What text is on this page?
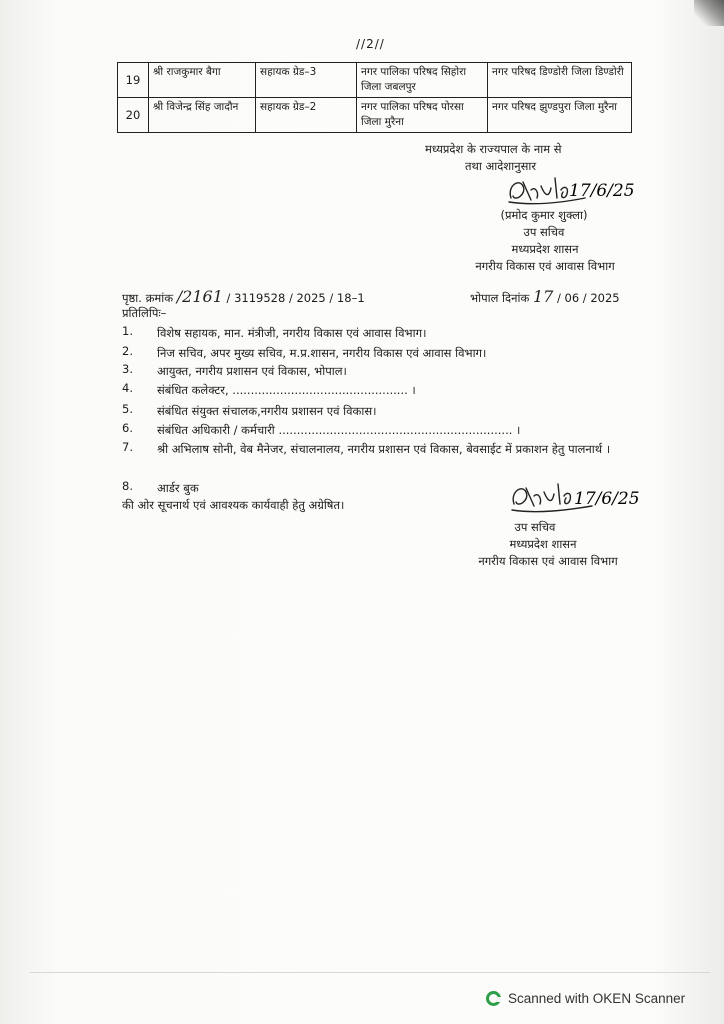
//2//
19	श्री राजकुमार बैगा	सहायक ग्रेड–3	नगर पालिका परिषद सिहोरा जिला जबलपुर	नगर परिषद डिण्डोरी जिला डिण्डोरी
20	श्री विजेन्द्र सिंह जादौन	सहायक ग्रेड–2	नगर पालिका परिषद पोरसा जिला मुरैना	नगर परिषद झुण्डपुरा जिला मुरैना
मध्यप्रदेश के राज्यपाल के नाम से
तथा आदेशानुसार
17/6/25
(प्रमोद कुमार शुक्ला)
उप सचिव
मध्यप्रदेश शासन
नगरीय विकास एवं आवास विभाग
पृष्ठा. क्रमांक /2161 / 3119528 / 2025 / 18–1	भोपाल दिनांक 17 / 06 / 2025
प्रतिलिपिः–
1. विशेष सहायक, मान. मंत्रीजी, नगरीय विकास एवं आवास विभाग।
2. निज सचिव, अपर मुख्य सचिव, म.प्र.शासन, नगरीय विकास एवं आवास विभाग।
3. आयुक्त, नगरीय प्रशासन एवं विकास, भोपाल।
4. संबंधित कलेक्टर, ................................................ ।
5. संबंधित संयुक्त संचालक,नगरीय प्रशासन एवं विकास।
6. संबंधित अधिकारी / कर्मचारी ................................................................ ।
7. श्री अभिलाष सोनी, वेब मैनेजर, संचालनालय, नगरीय प्रशासन एवं विकास, बेवसाईट में प्रकाशन हेतु पालनार्थ ।
8. आर्डर बुक
की ओर सूचनार्थ एवं आवश्यक कार्यवाही हेतु अग्रेषित।	17/6/25
उप सचिव
मध्यप्रदेश शासन
नगरीय विकास एवं आवास विभाग
Scanned with OKEN Scanner
